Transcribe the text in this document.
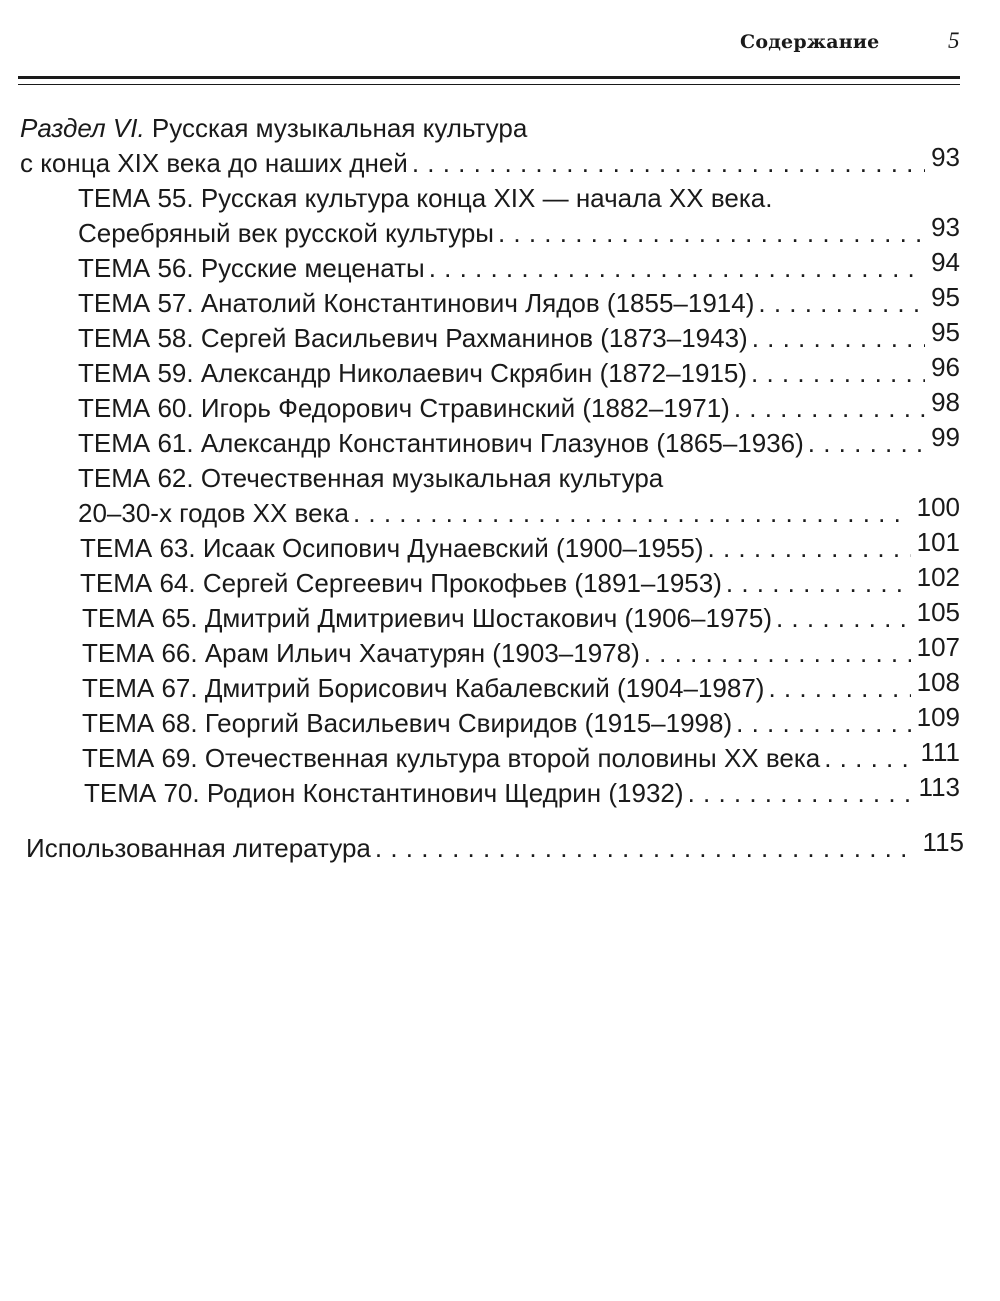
Содержание	5
Раздел VI. Русская музыкальная культура
с конца XIX века до наших дней . . .	93
ТЕМА 55. Русская культура конца XIX — начала XX века.
Серебряный век русской культуры . . .	93
ТЕМА 56. Русские меценаты . . .	94
ТЕМА 57. Анатолий Константинович Лядов (1855–1914) . . .	95
ТЕМА 58. Сергей Васильевич Рахманинов (1873–1943) . . .	95
ТЕМА 59. Александр Николаевич Скрябин (1872–1915) . . .	96
ТЕМА 60. Игорь Федорович Стравинский (1882–1971) . . .	98
ТЕМА 61. Александр Константинович Глазунов (1865–1936) . . .	99
ТЕМА 62. Отечественная музыкальная культура
20–30-х годов XX века . . .	100
ТЕМА 63. Исаак Осипович Дунаевский (1900–1955) . . .	101
ТЕМА 64. Сергей Сергеевич Прокофьев (1891–1953) . . .	102
ТЕМА 65. Дмитрий Дмитриевич Шостакович (1906–1975) . . .	105
ТЕМА 66. Арам Ильич Хачатурян (1903–1978) . . .	107
ТЕМА 67. Дмитрий Борисович Кабалевский (1904–1987) . . .	108
ТЕМА 68. Георгий Васильевич Свиридов (1915–1998) . . .	109
ТЕМА 69. Отечественная культура второй половины XX века . . .	111
ТЕМА 70. Родион Константинович Щедрин (1932) . . .	113
Использованная литература . . .	115
